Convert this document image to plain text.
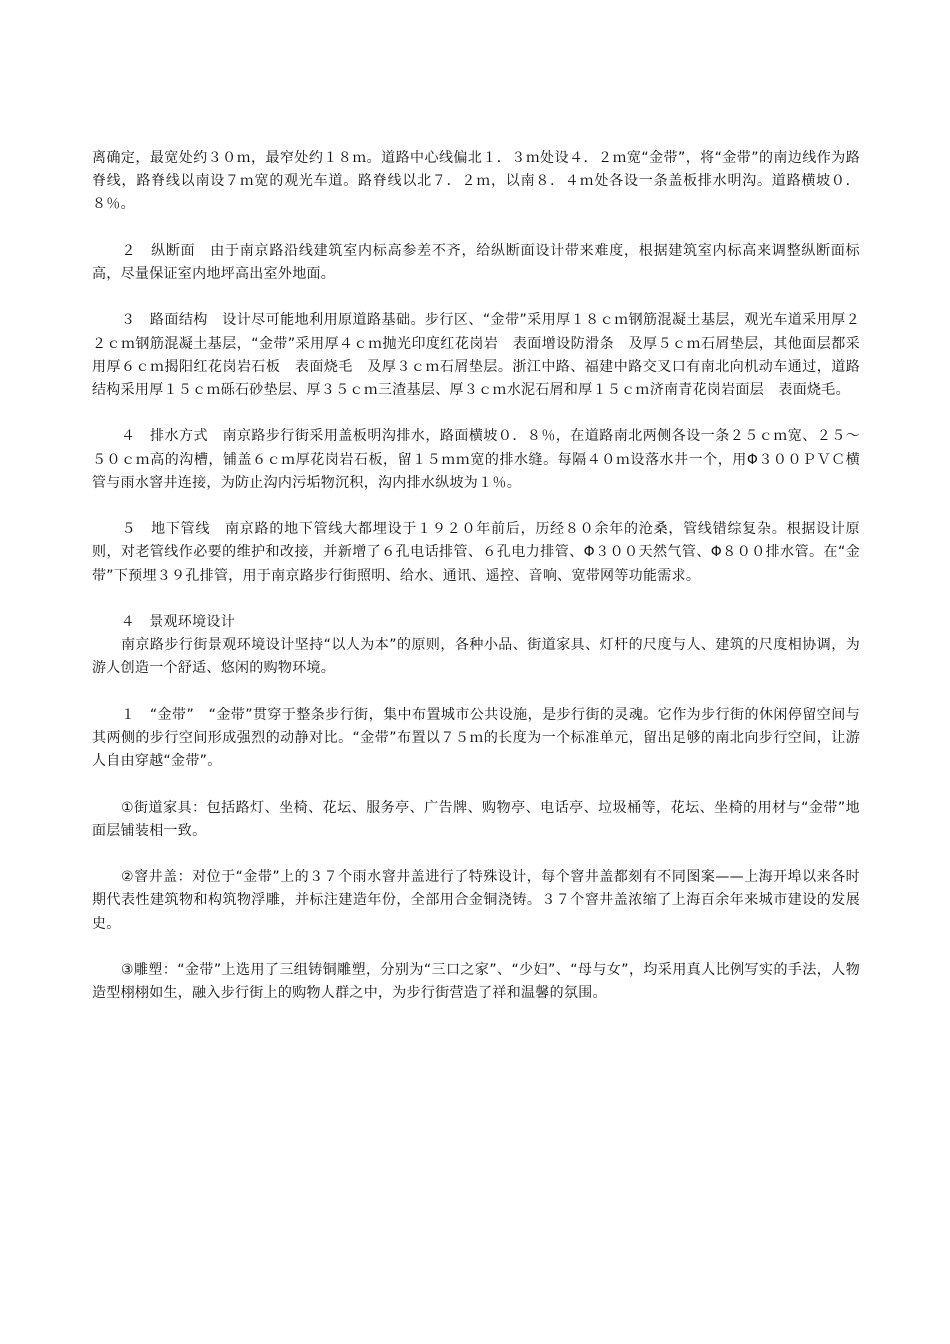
离确定，最宽处约３０ｍ，最窄处约１８ｍ。道路中心线偏北１．３ｍ处设４．２ｍ宽“金带”，将“金带”的南边线作为路脊线，路脊线以南设７ｍ宽的观光车道。路脊线以北７．２ｍ，以南８．４ｍ处各设一条盖板排水明沟。道路横坡０．８％。

　　２　纵断面　由于南京路沿线建筑室内标高参差不齐，给纵断面设计带来难度，根据建筑室内标高来调整纵断面标高，尽量保证室内地坪高出室外地面。

　　３　路面结构　设计尽可能地利用原道路基础。步行区、“金带”采用厚１８ｃｍ钢筋混凝土基层，观光车道采用厚２２ｃｍ钢筋混凝土基层，“金带”采用厚４ｃｍ抛光印度红花岗岩　表面增设防滑条　及厚５ｃｍ石屑垫层，其他面层都采用厚６ｃｍ揭阳红花岗岩石板　表面烧毛　及厚３ｃｍ石屑垫层。浙江中路、福建中路交叉口有南北向机动车通过，道路结构采用厚１５ｃｍ砾石砂垫层、厚３５ｃｍ三渣基层、厚３ｃｍ水泥石屑和厚１５ｃｍ济南青花岗岩面层　表面烧毛。

　　４　排水方式　南京路步行街采用盖板明沟排水，路面横坡０．８％，在道路南北两侧各设一条２５ｃｍ宽、２５～５０ｃｍ高的沟槽，铺盖６ｃｍ厚花岗岩石板，留１５ｍｍ宽的排水缝。每隔４０ｍ设落水井一个，用Φ３００ＰＶＣ横管与雨水窨井连接，为防止沟内污垢物沉积，沟内排水纵坡为１％。

　　５　地下管线　南京路的地下管线大都埋设于１９２０年前后，历经８０余年的沧桑，管线错综复杂。根据设计原则，对老管线作必要的维护和改接，并新增了６孔电话排管、６孔电力排管、Φ３００天然气管、Φ８００排水管。在“金带”下预埋３９孔排管，用于南京路步行街照明、给水、通讯、遥控、音响、宽带网等功能需求。

　　４　景观环境设计

　　南京路步行街景观环境设计坚持“以人为本”的原则，各种小品、街道家具、灯杆的尺度与人、建筑的尺度相协调，为游人创造一个舒适、悠闲的购物环境。

　　１　“金带”　“金带”贯穿于整条步行街，集中布置城市公共设施，是步行街的灵魂。它作为步行街的休闲停留空间与其两侧的步行空间形成强烈的动静对比。“金带”布置以７５ｍ的长度为一个标准单元，留出足够的南北向步行空间，让游人自由穿越“金带”。

　　①街道家具：包括路灯、坐椅、花坛、服务亭、广告牌、购物亭、电话亭、垃圾桶等，花坛、坐椅的用材与“金带”地面层铺装相一致。

　　②窨井盖：对位于“金带”上的３７个雨水窨井盖进行了特殊设计，每个窨井盖都刻有不同图案——上海开埠以来各时期代表性建筑物和构筑物浮雕，并标注建造年份，全部用合金铜浇铸。３７个窨井盖浓缩了上海百余年来城市建设的发展史。

　　③雕塑：“金带”上选用了三组铸铜雕塑，分别为“三口之家”、“少妇”、“母与女”，均采用真人比例写实的手法，人物造型栩栩如生，融入步行街上的购物人群之中，为步行街营造了祥和温馨的氛围。
